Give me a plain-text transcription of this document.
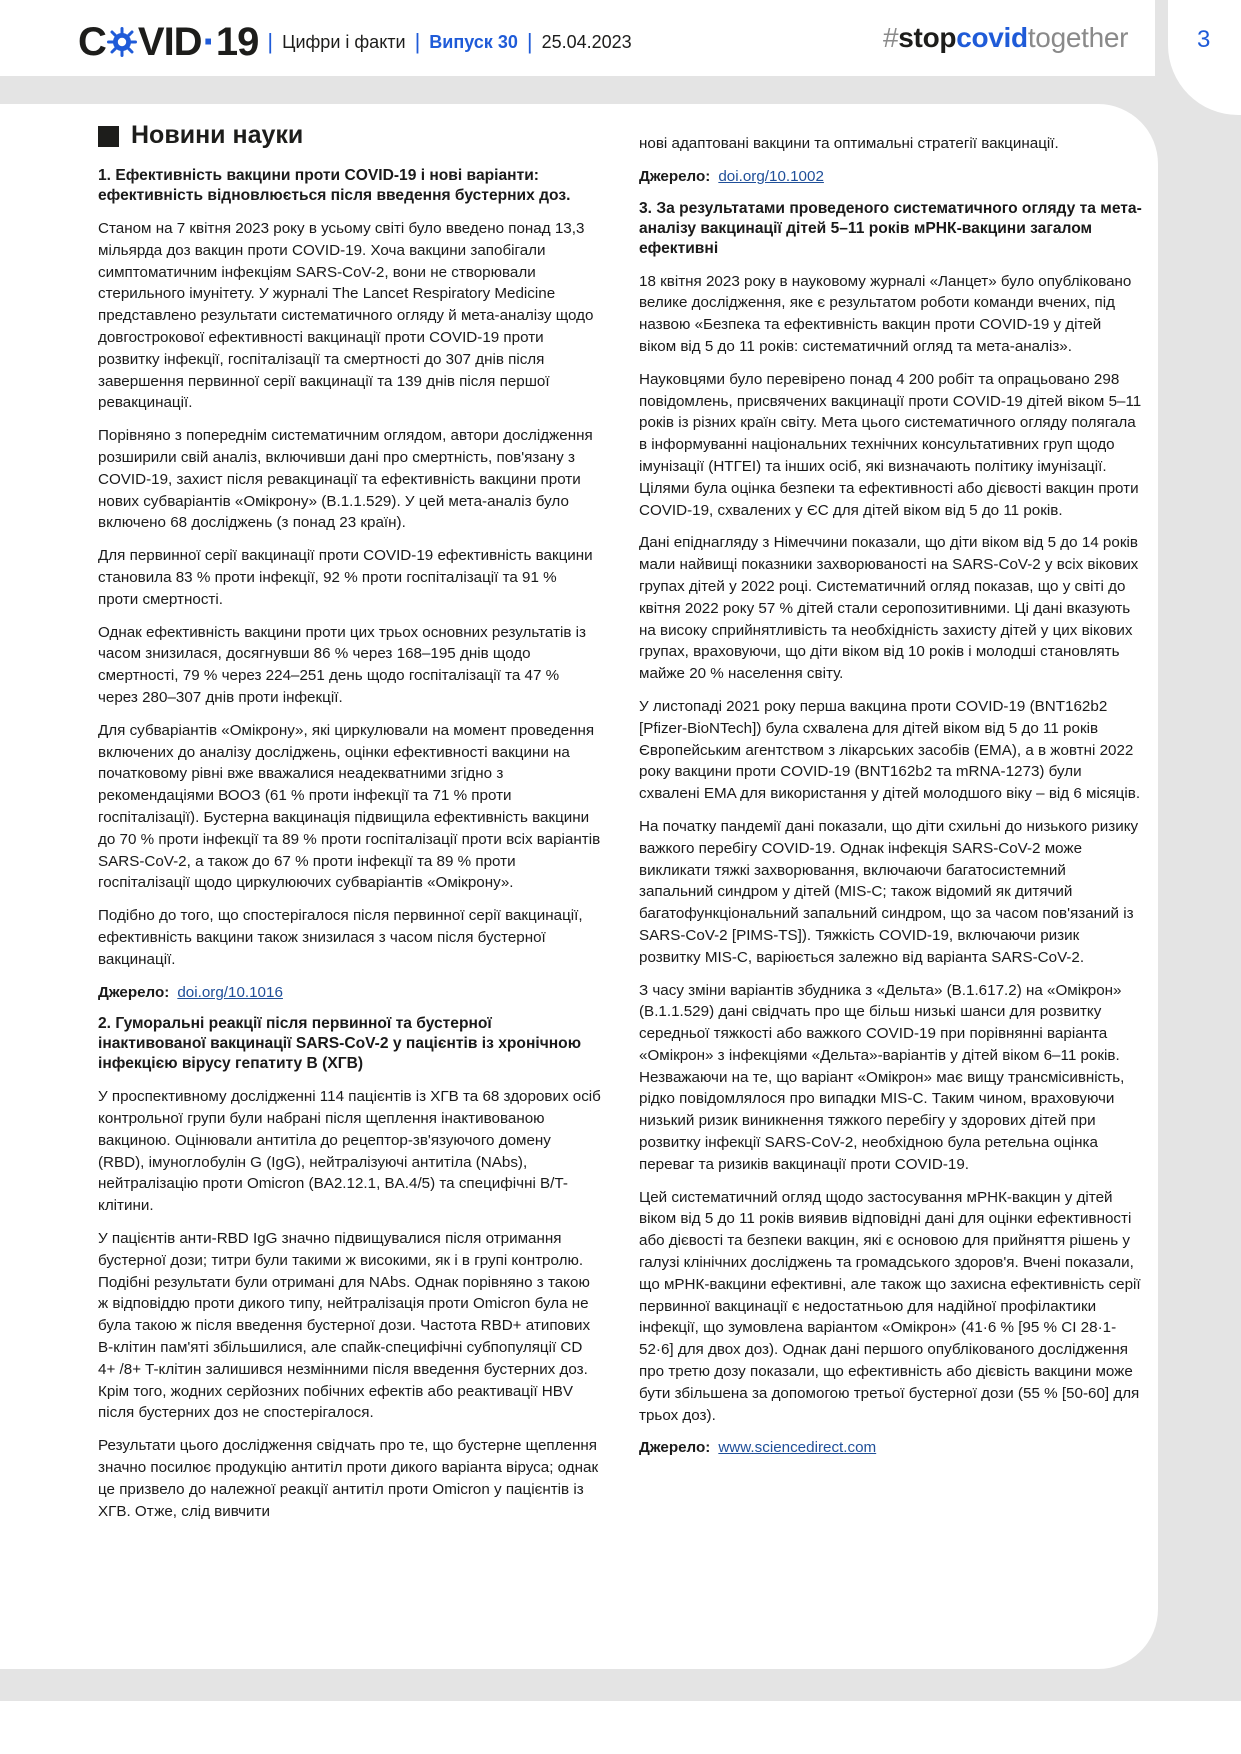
C VID · 19 | Цифри і факти | Випуск 30 | 25.04.2023	#stopcovidtogether	3
Новини науки
1. Ефективність вакцини проти COVID-19 і нові варіанти: ефективність відновлюється після введення бустерних доз.

Станом на 7 квітня 2023 року в усьому світі було введено понад 13,3 мільярда доз вакцин проти COVID-19. Хоча вакцини запобігали симптоматичним інфекціям SARS-CoV-2, вони не створювали стерильного імунітету. У журналі The Lancet Respiratory Medicine представлено результати систематичного огляду й мета-аналізу щодо довгострокової ефективності вакцинації проти COVID-19 проти розвитку інфекції, госпіталізації та смертності до 307 днів після завершення первинної серії вакцинації та 139 днів після першої ревакцинації.

Порівняно з попереднім систематичним оглядом, автори дослідження розширили свій аналіз, включивши дані про смертність, пов'язану з COVID-19, захист після ревакцинації та ефективність вакцини проти нових субваріантів «Омікрону» (B.1.1.529). У цей мета-аналіз було включено 68 досліджень (з понад 23 країн).

Для первинної серії вакцинації проти COVID-19 ефективність вакцини становила 83 % проти інфекції, 92 % проти госпіталізації та 91 % проти смертності.

Однак ефективність вакцини проти цих трьох основних результатів із часом знизилася, досягнувши 86 % через 168–195 днів щодо смертності, 79 % через 224–251 день щодо госпіталізації та 47 % через 280–307 днів проти інфекції.

Для субваріантів «Омікрону», які циркулювали на момент проведення включених до аналізу досліджень, оцінки ефективності вакцини на початковому рівні вже вважалися неадекватними згідно з рекомендаціями ВООЗ (61 % проти інфекції та 71 % проти госпіталізації). Бустерна вакцинація підвищила ефективність вакцини до 70 % проти інфекції та 89 % проти госпіталізації проти всіх варіантів SARS-CoV-2, а також до 67 % проти інфекції та 89 % проти госпіталізації щодо циркулюючих субваріантів «Омікрону».

Подібно до того, що спостерігалося після первинної серії вакцинації, ефективність вакцини також знизилася з часом після бустерної вакцинації.

Джерело: doi.org/10.1016
2. Гуморальні реакції після первинної та бустерної інактивованої вакцинації SARS-CoV-2 у пацієнтів із хронічною інфекцією вірусу гепатиту B (ХГВ)

У проспективному дослідженні 114 пацієнтів із ХГВ та 68 здорових осіб контрольної групи були набрані після щеплення інактивованою вакциною. Оцінювали антитіла до рецептор-зв'язуючого домену (RBD), імуноглобулін G (IgG), нейтралізуючі антитіла (NAbs), нейтралізацію проти Omicron (BA2.12.1, BA.4/5) та специфічні B/T-клітини.

У пацієнтів анти-RBD IgG значно підвищувалися після отримання бустерної дози; титри були такими ж високими, як і в групі контролю. Подібні результати були отримані для NAbs. Однак порівняно з такою ж відповіддю проти дикого типу, нейтралізація проти Omicron була не була такою ж після введення бустерної дози. Частота RBD+ атипових B-клітин пам'яті збільшилися, але спайк-специфічні субпопуляції CD 4+ /8+ T-клітин залишився незмінними після введення бустерних доз. Крім того, жодних серйозних побічних ефектів або реактивації HBV після бустерних доз не спостерігалося.

Результати цього дослідження свідчать про те, що бустерне щеплення значно посилює продукцію антитіл проти дикого варіанта віруса; однак це призвело до належної реакції антитіл проти Omicron у пацієнтів із ХГВ. Отже, слід вивчити

нові адаптовані вакцини та оптимальні стратегії вакцинації.

Джерело: doi.org/10.1002
3. За результатами проведеного систематичного огляду та мета-аналізу вакцинації дітей 5–11 років мРНК-вакцини загалом ефективні

18 квітня 2023 року в науковому журналі «Ланцет» було опубліковано велике дослідження, яке є результатом роботи команди вчених, під назвою «Безпека та ефективність вакцин проти COVID-19 у дітей віком від 5 до 11 років: систематичний огляд та мета-аналіз».

Науковцями було перевірено понад 4 200 робіт та опрацьовано 298 повідомлень, присвячених вакцинації проти COVID-19 дітей віком 5–11 років із різних країн світу. Мета цього систематичного огляду полягала в інформуванні національних технічних консультативних груп щодо імунізації (НТГЕІ) та інших осіб, які визначають політику імунізації. Цілями була оцінка безпеки та ефективності або дієвості вакцин проти COVID-19, схвалених у ЄС для дітей віком від 5 до 11 років.

Дані епіднагляду з Німеччини показали, що діти віком від 5 до 14 років мали найвищі показники захворюваності на SARS-CoV-2 у всіх вікових групах дітей у 2022 році. Систематичний огляд показав, що у світі до квітня 2022 року 57 % дітей стали серопозитивними. Ці дані вказують на високу сприйнятливість та необхідність захисту дітей у цих вікових групах, враховуючи, що діти віком від 10 років і молодші становлять майже 20 % населення світу.

У листопаді 2021 року перша вакцина проти COVID-19 (BNT162b2 [Pfizer-BioNTech]) була схвалена для дітей віком від 5 до 11 років Європейським агентством з лікарських засобів (EMA), а в жовтні 2022 року вакцини проти COVID-19 (BNT162b2 та mRNA-1273) були схвалені EMA для використання у дітей молодшого віку – від 6 місяців.

На початку пандемії дані показали, що діти схильні до низького ризику важкого перебігу COVID-19. Однак інфекція SARS-CoV-2 може викликати тяжкі захворювання, включаючи багатосистемний запальний синдром у дітей (MIS-C; також відомий як дитячий багатофункціональний запальний синдром, що за часом пов'язаний із SARS-CoV-2 [PIMS-TS]). Тяжкість COVID-19, включаючи ризик розвитку MIS-C, варіюється залежно від варіанта SARS-CoV-2.

З часу зміни варіантів збудника з «Дельта» (B.1.617.2) на «Омікрон» (B.1.1.529) дані свідчать про ще більш низькі шанси для розвитку середньої тяжкості або важкого COVID-19 при порівнянні варіанта «Омікрон» з інфекціями «Дельта»-варіантів у дітей віком 6–11 років. Незважаючи на те, що варіант «Омікрон» має вищу трансмісивність, рідко повідомлялося про випадки MIS-C. Таким чином, враховуючи низький ризик виникнення тяжкого перебігу у здорових дітей при розвитку інфекції SARS-CoV-2, необхідною була ретельна оцінка переваг та ризиків вакцинації проти COVID-19.

Цей систематичний огляд щодо застосування мРНК-вакцин у дітей віком від 5 до 11 років виявив відповідні дані для оцінки ефективності або дієвості та безпеки вакцин, які є основою для прийняття рішень у галузі клінічних досліджень та громадського здоров'я. Вчені показали, що мРНК-вакцини ефективні, але також що захисна ефективність серії первинної вакцинації є недостатньою для надійної профілактики інфекції, що зумовлена варіантом «Омікрон» (41·6 % [95 % CI 28·1-52·6] для двох доз). Однак дані першого опублікованого дослідження про третю дозу показали, що ефективність або дієвість вакцини може бути збільшена за допомогою третьої бустерної дози (55 % [50-60] для трьох доз).

Джерело: www.sciencedirect.com
